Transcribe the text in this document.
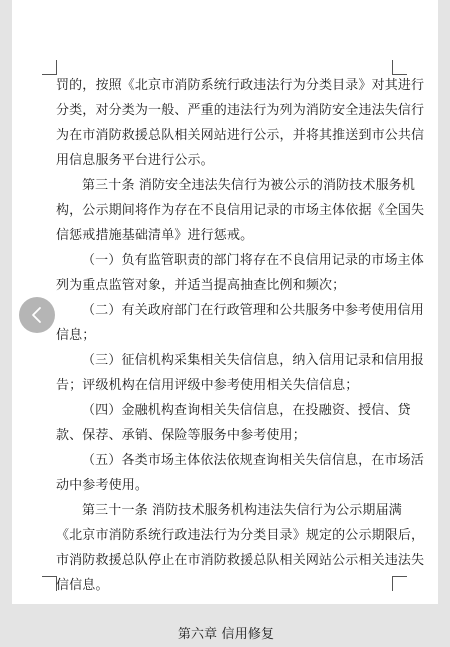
罚的，按照《北京市消防系统行政违法行为分类目录》对其进行
分类，对分类为一般、严重的违法行为列为消防安全违法失信行
为在市消防救援总队相关网站进行公示，并将其推送到市公共信
用信息服务平台进行公示。
第三十条 消防安全违法失信行为被公示的消防技术服务机
构，公示期间将作为存在不良信用记录的市场主体依据《全国失
信惩戒措施基础清单》进行惩戒。
（一）负有监管职责的部门将存在不良信用记录的市场主体
列为重点监管对象，并适当提高抽查比例和频次；
（二）有关政府部门在行政管理和公共服务中参考使用信用
信息；
（三）征信机构采集相关失信信息，纳入信用记录和信用报
告；评级机构在信用评级中参考使用相关失信信息；
（四）金融机构查询相关失信信息，在投融资、授信、贷
款、保荐、承销、保险等服务中参考使用；
（五）各类市场主体依法依规查询相关失信信息，在市场活
动中参考使用。
第三十一条 消防技术服务机构违法失信行为公示期届满
《北京市消防系统行政违法行为分类目录》规定的公示期限后，
市消防救援总队停止在市消防救援总队相关网站公示相关违法失
信信息。
第六章 信用修复
